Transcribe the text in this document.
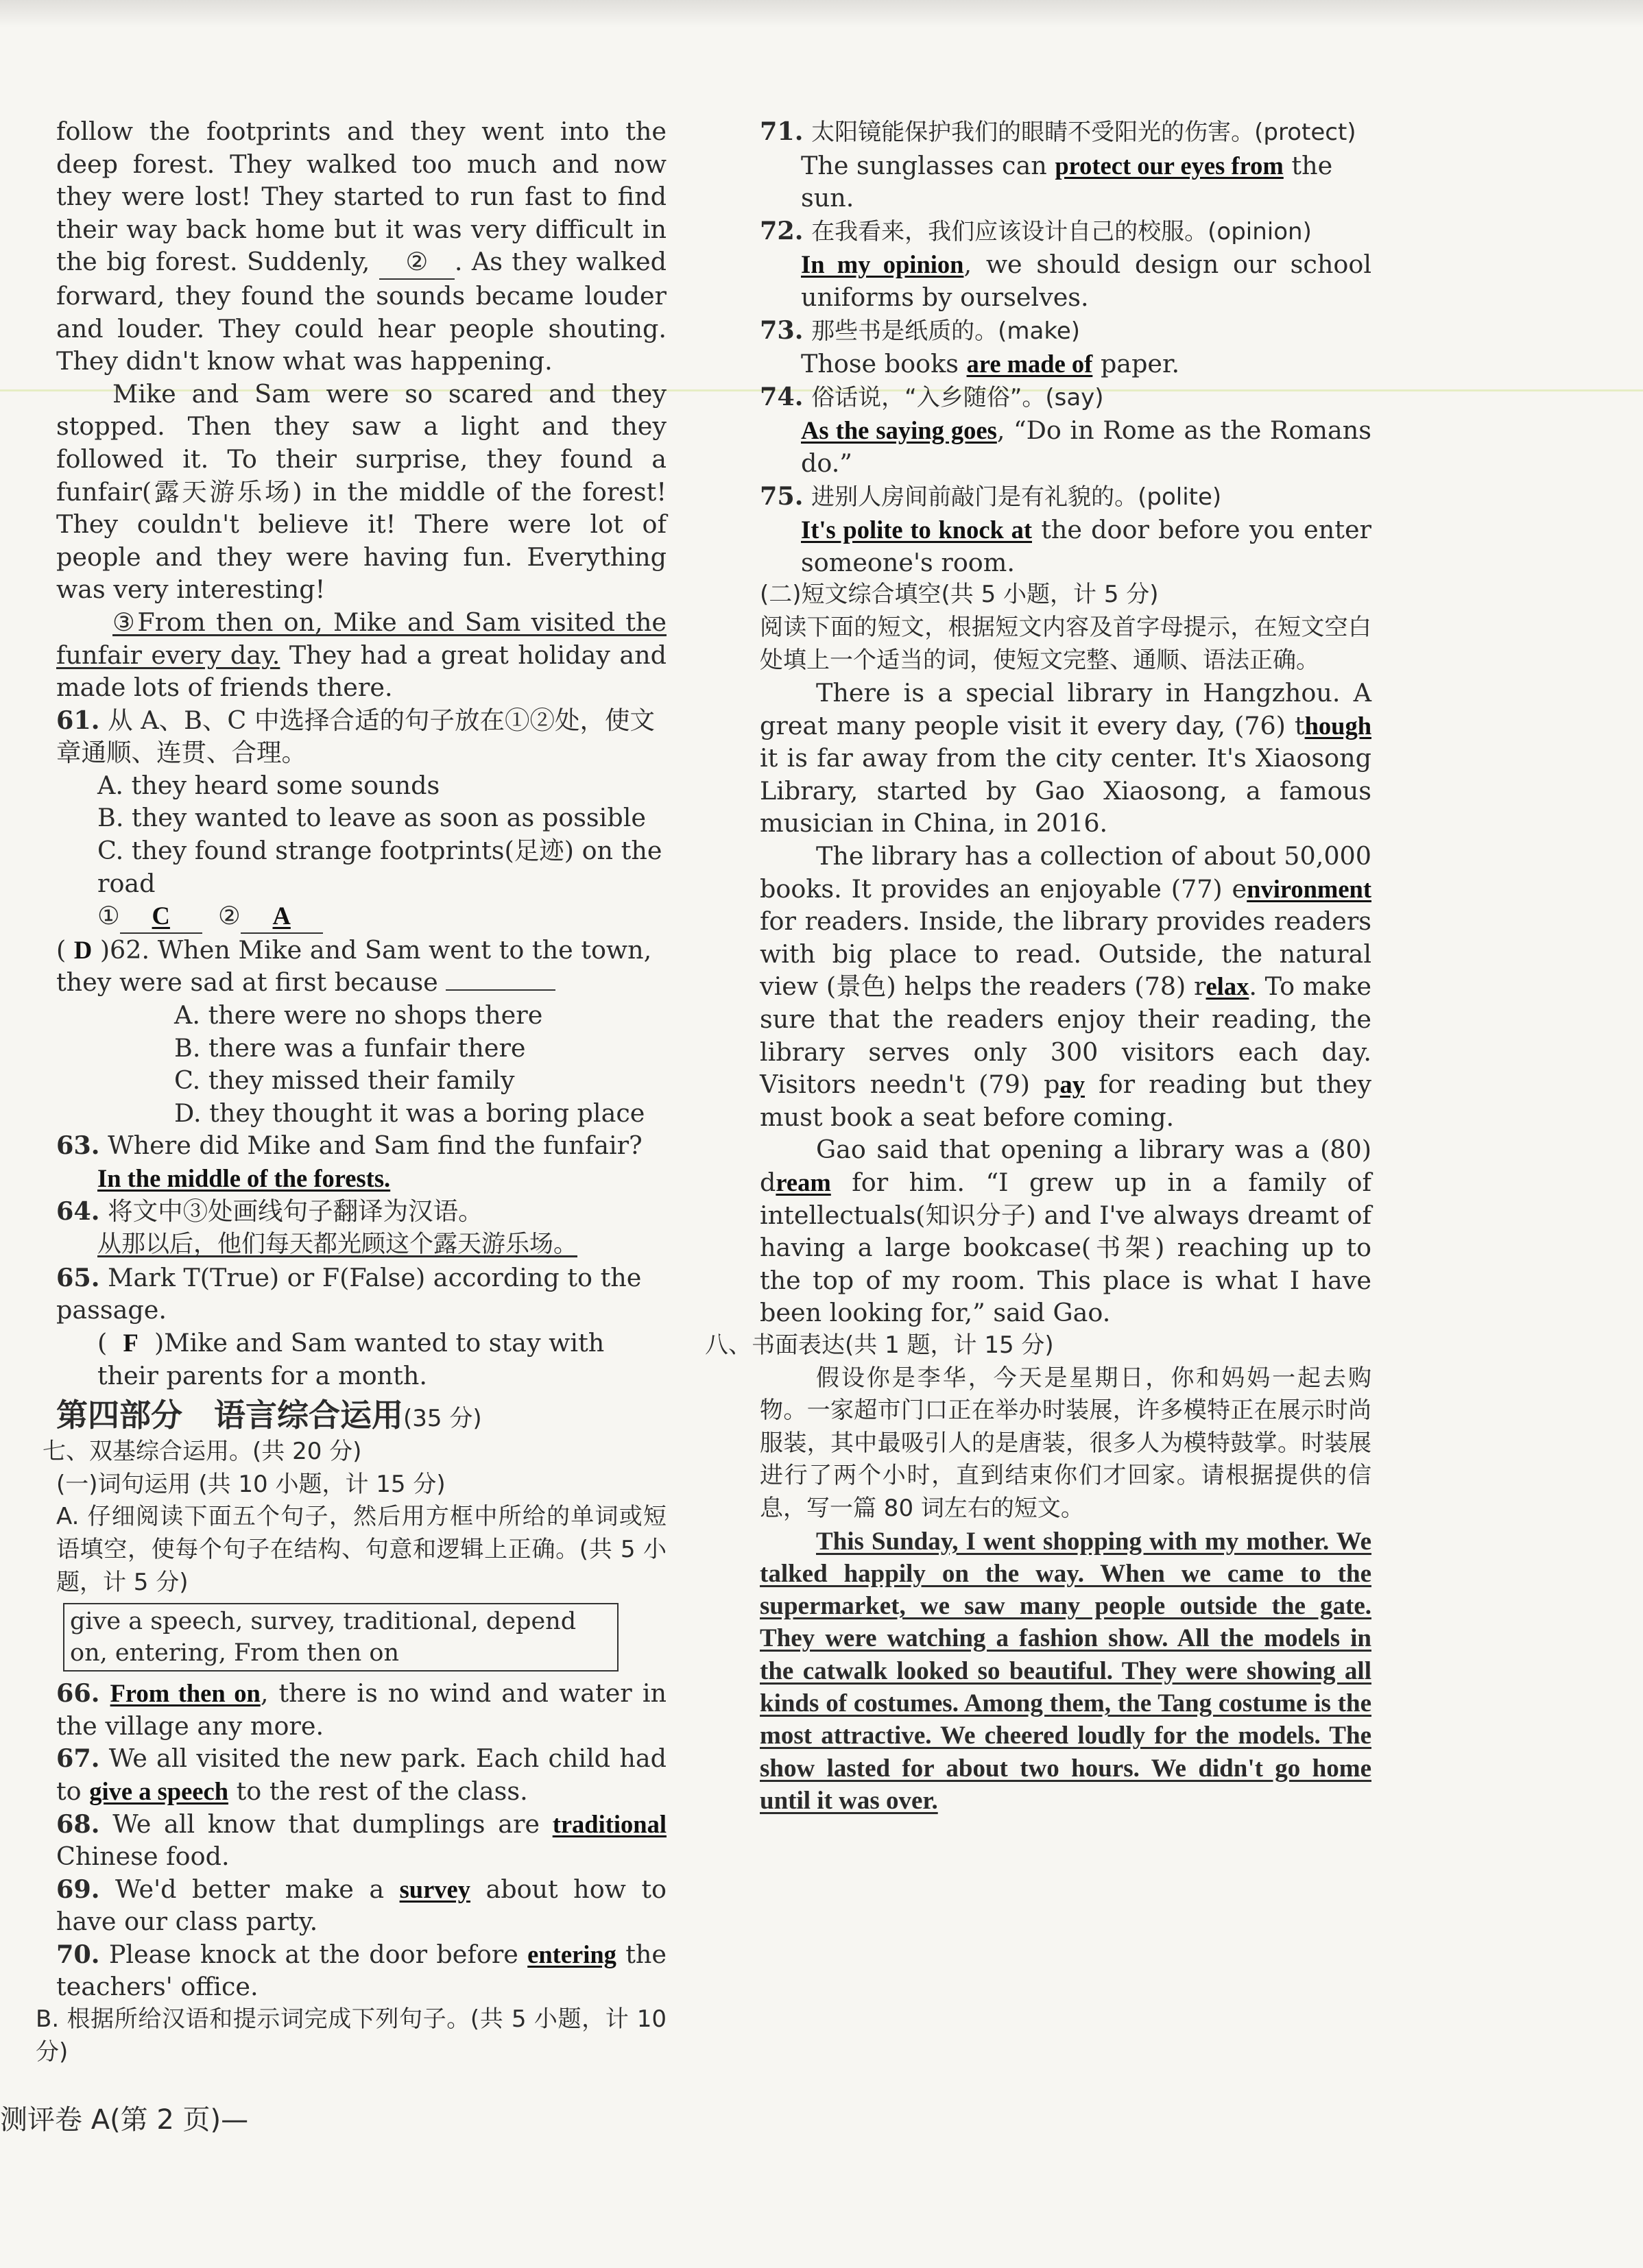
follow the footprints and they went into the deep forest. They walked too much and now they were lost! They started to run fast to find their way back home but it was very difficult in the big forest. Suddenly, ② . As they walked forward, they found the sounds became louder and louder. They could hear people shouting. They didn't know what was happening.

Mike and Sam were so scared and they stopped. Then they saw a light and they followed it. To their surprise, they found a funfair(露天游乐场) in the middle of the forest! They couldn't believe it! There were lot of people and they were having fun. Everything was very interesting!

③From then on, Mike and Sam visited the funfair every day. They had a great holiday and made lots of friends there.

61. 从 A、B、C 中选择合适的句子放在①②处，使文章通顺、连贯、合理。

A. they heard some sounds

B. they wanted to leave as soon as possible

C. they found strange footprints(足迹) on the road

① C ② A

( D )62. When Mike and Sam went to the town, they were sad at first because

A. there were no shops there

B. there was a funfair there

C. they missed their family

D. they thought it was a boring place

63. Where did Mike and Sam find the funfair?

In the middle of the forests.

64. 将文中③处画线句子翻译为汉语。

从那以后，他们每天都光顾这个露天游乐场。

65. Mark T(True) or F(False) according to the passage.

(  F )Mike and Sam wanted to stay with their parents for a month.

第四部分　语言综合运用(35 分)

七、双基综合运用。(共 20 分)

(一)词句运用 (共 10 小题，计 15 分)

A. 仔细阅读下面五个句子，然后用方框中所给的单词或短语填空，使每个句子在结构、句意和逻辑上正确。(共 5 小题，计 5 分)

give a speech, survey, traditional, depend on, entering, From then on

66. From then on, there is no wind and water in the village any more.

67. We all visited the new park. Each child had to give a speech to the rest of the class.

68. We all know that dumplings are traditional Chinese food.

69. We'd better make a survey about how to have our class party.

70. Please knock at the door before entering the teachers' office.

B. 根据所给汉语和提示词完成下列句子。(共 5 小题，计 10 分)

71. 太阳镜能保护我们的眼睛不受阳光的伤害。(protect)

The sunglasses can protect our eyes from the sun.

72. 在我看来，我们应该设计自己的校服。(opinion)

In my opinion, we should design our school uniforms by ourselves.

73. 那些书是纸质的。(make)

Those books are made of paper.

74. 俗话说，“入乡随俗”。(say)

As the saying goes, “Do in Rome as the Romans do.”

75. 进别人房间前敲门是有礼貌的。(polite)

It's polite to knock at the door before you enter someone's room.

(二)短文综合填空(共 5 小题，计 5 分)

阅读下面的短文，根据短文内容及首字母提示，在短文空白处填上一个适当的词，使短文完整、通顺、语法正确。

There is a special library in Hangzhou. A great many people visit it every day, (76) though it is far away from the city center. It's Xiaosong Library, started by Gao Xiaosong, a famous musician in China, in 2016.

The library has a collection of about 50,000 books. It provides an enjoyable (77) environment for readers. Inside, the library provides readers with big place to read. Outside, the natural view (景色) helps the readers (78) relax. To make sure that the readers enjoy their reading, the library serves only 300 visitors each day. Visitors needn't (79) pay for reading but they must book a seat before coming.

Gao said that opening a library was a (80) dream for him. “I grew up in a family of intellectuals(知识分子) and I've always dreamt of having a large bookcase(书架) reaching up to the top of my room. This place is what I have been looking for,” said Gao.

八、书面表达(共 1 题，计 15 分)

假设你是李华，今天是星期日，你和妈妈一起去购物。一家超市门口正在举办时装展，许多模特正在展示时尚服装，其中最吸引人的是唐装，很多人为模特鼓掌。时装展进行了两个小时，直到结束你们才回家。请根据提供的信息，写一篇 80 词左右的短文。

This Sunday, I went shopping with my mother. We talked happily on the way. When we came to the supermarket, we saw many people outside the gate. They were watching a fashion show. All the models in the catwalk looked so beautiful. They were showing all kinds of costumes. Among them, the Tang costume is the most attractive. We cheered loudly for the models. The show lasted for about two hours. We didn't go home until it was over.

测评卷 A(第 2 页)—
